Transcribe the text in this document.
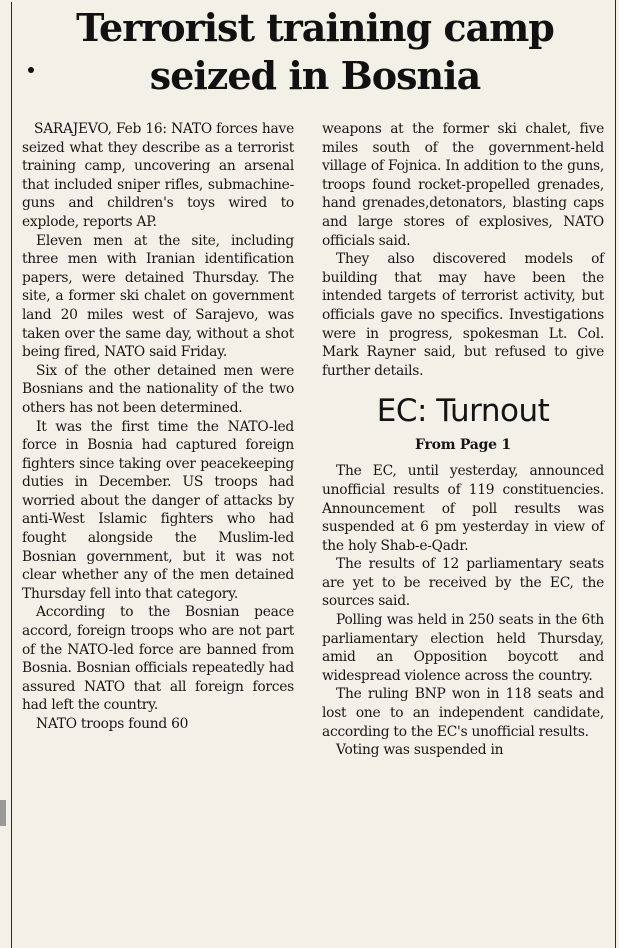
Terrorist training camp
seized in Bosnia

SARAJEVO, Feb 16: NATO forces have seized what they describe as a terrorist training camp, uncovering an arsenal that included sniper rifles, submachine-guns and children's toys wired to explode, reports AP.

Eleven men at the site, including three men with Iranian identification papers, were detained Thursday. The site, a former ski chalet on government land 20 miles west of Sarajevo, was taken over the same day, without a shot being fired, NATO said Friday.

Six of the other detained men were Bosnians and the nationality of the two others has not been determined.

It was the first time the NATO-led force in Bosnia had captured foreign fighters since taking over peacekeeping duties in December. US troops had worried about the danger of attacks by anti-West Islamic fighters who had fought alongside the Muslim-led Bosnian government, but it was not clear whether any of the men detained Thursday fell into that category.

According to the Bosnian peace accord, foreign troops who are not part of the NATO-led force are banned from Bosnia. Bosnian officials repeatedly had assured NATO that all foreign forces had left the country.

NATO troops found 60

weapons at the former ski chalet, five miles south of the government-held village of Fojnica. In addition to the guns, troops found rocket-propelled grenades, hand grenades,detonators, blasting caps and large stores of explosives, NATO officials said.

They also discovered models of building that may have been the intended targets of terrorist activity, but officials gave no specifics. Investigations were in progress, spokesman Lt. Col. Mark Rayner said, but refused to give further details.

EC: Turnout
From Page 1

The EC, until yesterday, announced unofficial results of 119 constituencies. Announcement of poll results was suspended at 6 pm yesterday in view of the holy Shab-e-Qadr.

The results of 12 parliamentary seats are yet to be received by the EC, the sources said.

Polling was held in 250 seats in the 6th parliamentary election held Thursday, amid an Opposition boycott and widespread violence across the country.

The ruling BNP won in 118 seats and lost one to an independent candidate, according to the EC's unofficial results.

Voting was suspended in
